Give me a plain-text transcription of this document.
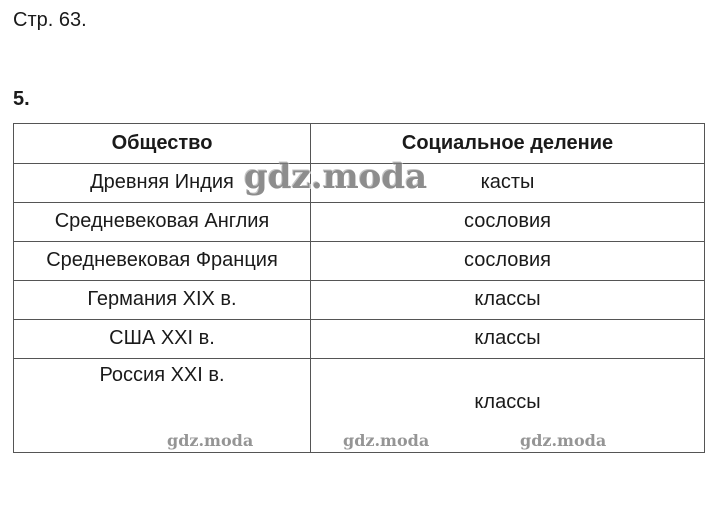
Стр. 63.
5.
Общество	Социальное деление
Древняя Индия	касты
Средневековая Англия	сословия
Средневековая Франция	сословия
Германия XIX в.	классы
США XXI в.	классы
Россия XXI в.	классы
gdz.moda
gdz.moda	gdz.moda	gdz.moda
